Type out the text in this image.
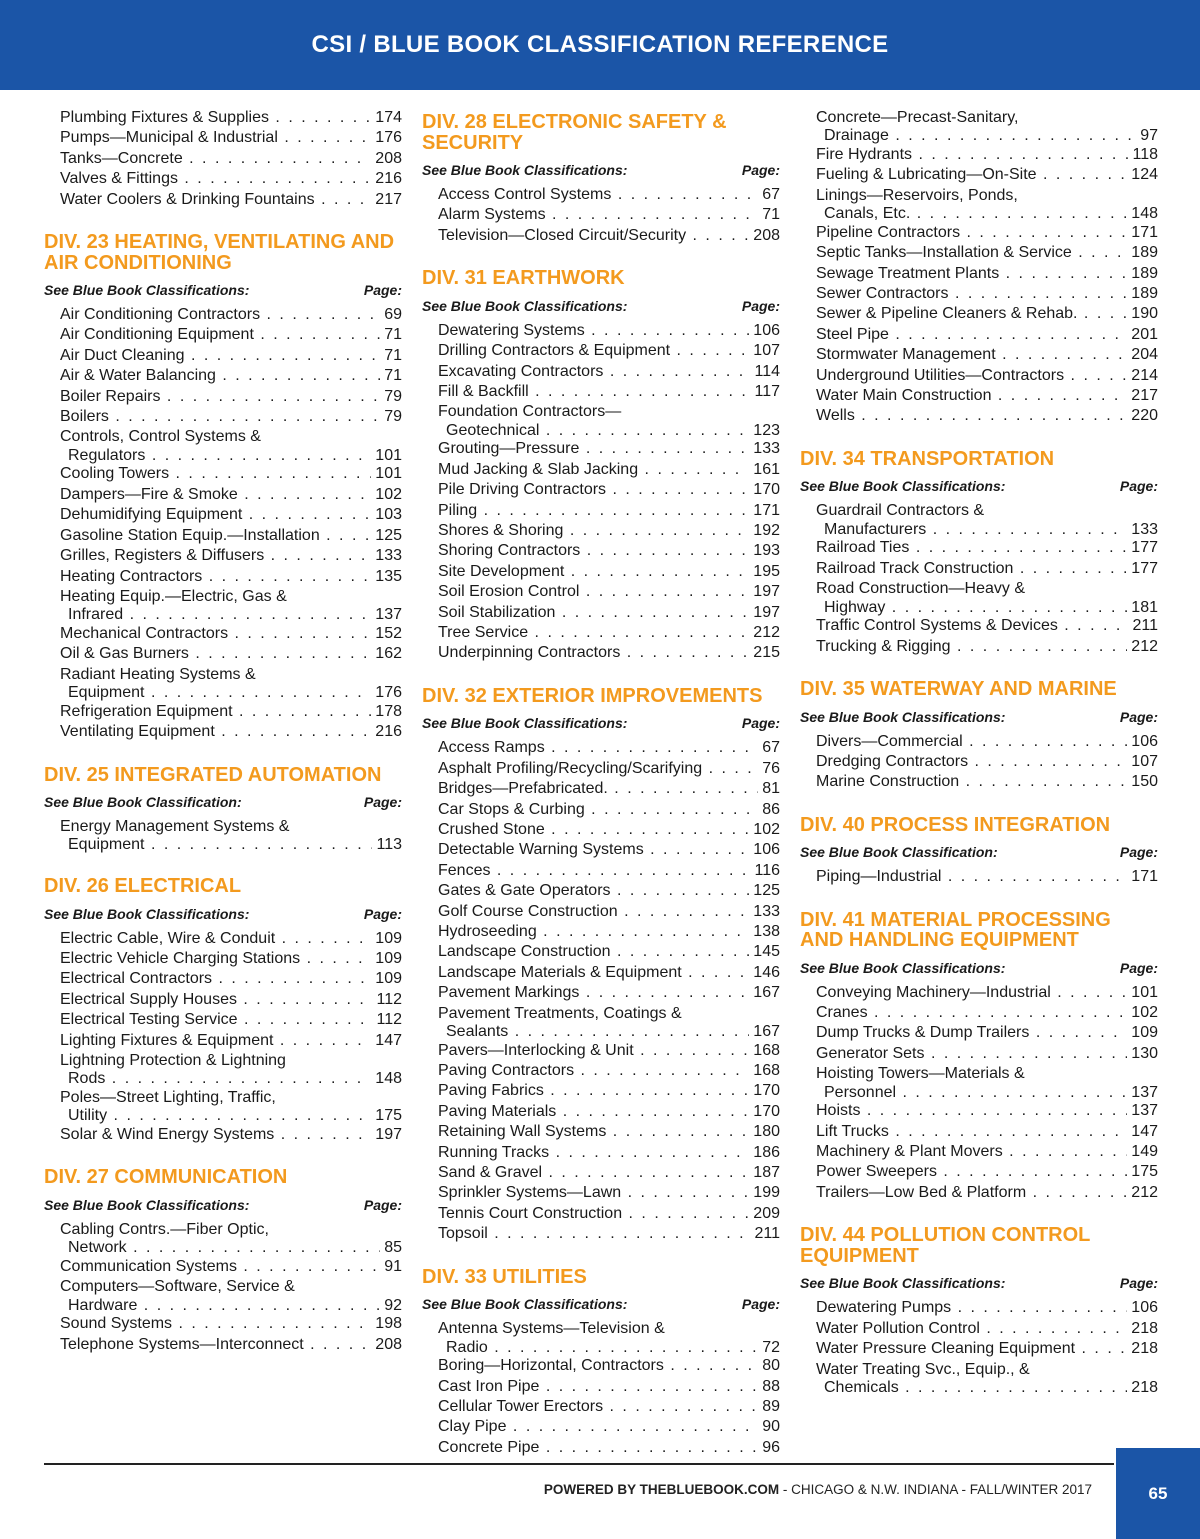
CSI / BLUE BOOK CLASSIFICATION REFERENCE
Plumbing Fixtures & Supplies . . .	174
Pumps—Municipal & Industrial . . .	176
Tanks—Concrete . . .	208
Valves & Fittings . . .	216
Water Coolers & Drinking Fountains . . .	217
DIV. 23 HEATING, VENTILATING AND AIR CONDITIONING
See Blue Book Classifications:	Page:
Air Conditioning Contractors . . .	69
Air Conditioning Equipment . . .	71
Air Duct Cleaning . . .	71
Air & Water Balancing . . .	71
Boiler Repairs . . .	79
Boilers . . .	79
Controls, Control Systems &
Regulators . . .	101
Cooling Towers . . .	101
Dampers—Fire & Smoke . . .	102
Dehumidifying Equipment . . .	103
Gasoline Station Equip.—Installation . . .	125
Grilles, Registers & Diffusers . . .	133
Heating Contractors . . .	135
Heating Equip.—Electric, Gas &
Infrared . . .	137
Mechanical Contractors . . .	152
Oil & Gas Burners . . .	162
Radiant Heating Systems &
Equipment . . .	176
Refrigeration Equipment . . .	178
Ventilating Equipment . . .	216
DIV. 25 INTEGRATED AUTOMATION
See Blue Book Classification:	Page:
Energy Management Systems &
Equipment . . .	113
DIV. 26 ELECTRICAL
See Blue Book Classifications:	Page:
Electric Cable, Wire & Conduit . . .	109
Electric Vehicle Charging Stations . . .	109
Electrical Contractors . . .	109
Electrical Supply Houses . . .	112
Electrical Testing Service . . .	112
Lighting Fixtures & Equipment . . .	147
Lightning Protection & Lightning
Rods . . .	148
Poles—Street Lighting, Traffic,
Utility . . .	175
Solar & Wind Energy Systems . . .	197
DIV. 27 COMMUNICATION
See Blue Book Classifications:	Page:
Cabling Contrs.—Fiber Optic,
Network . . .	85
Communication Systems . . .	91
Computers—Software, Service &
Hardware . . .	92
Sound Systems . . .	198
Telephone Systems—Interconnect . . .	208
DIV. 28 ELECTRONIC SAFETY & SECURITY
See Blue Book Classifications:	Page:
Access Control Systems . . .	67
Alarm Systems . . .	71
Television—Closed Circuit/Security . . .	208
DIV. 31 EARTHWORK
See Blue Book Classifications:	Page:
Dewatering Systems . . .	106
Drilling Contractors & Equipment . . .	107
Excavating Contractors . . .	114
Fill & Backfill . . .	117
Foundation Contractors—
Geotechnical . . .	123
Grouting—Pressure . . .	133
Mud Jacking & Slab Jacking . . .	161
Pile Driving Contractors . . .	170
Piling . . .	171
Shores & Shoring . . .	192
Shoring Contractors . . .	193
Site Development . . .	195
Soil Erosion Control . . .	197
Soil Stabilization . . .	197
Tree Service . . .	212
Underpinning Contractors . . .	215
DIV. 32 EXTERIOR IMPROVEMENTS
See Blue Book Classifications:	Page:
Access Ramps . . .	67
Asphalt Profiling/Recycling/Scarifying . . .	76
Bridges—Prefabricated. . . .	81
Car Stops & Curbing . . .	86
Crushed Stone . . .	102
Detectable Warning Systems . . .	106
Fences . . .	116
Gates & Gate Operators . . .	125
Golf Course Construction . . .	133
Hydroseeding . . .	138
Landscape Construction . . .	145
Landscape Materials & Equipment . . .	146
Pavement Markings . . .	167
Pavement Treatments, Coatings &
Sealants . . .	167
Pavers—Interlocking & Unit . . .	168
Paving Contractors . . .	168
Paving Fabrics . . .	170
Paving Materials . . .	170
Retaining Wall Systems . . .	180
Running Tracks . . .	186
Sand & Gravel . . .	187
Sprinkler Systems—Lawn . . .	199
Tennis Court Construction . . .	209
Topsoil . . .	211
DIV. 33 UTILITIES
See Blue Book Classifications:	Page:
Antenna Systems—Television &
Radio . . .	72
Boring—Horizontal, Contractors . . .	80
Cast Iron Pipe . . .	88
Cellular Tower Erectors . . .	89
Clay Pipe . . .	90
Concrete Pipe . . .	96
Concrete—Precast-Sanitary,
Drainage . . .	97
Fire Hydrants . . .	118
Fueling & Lubricating—On-Site . . .	124
Linings—Reservoirs, Ponds,
Canals, Etc. . . .	148
Pipeline Contractors . . .	171
Septic Tanks—Installation & Service . . .	189
Sewage Treatment Plants . . .	189
Sewer Contractors . . .	189
Sewer & Pipeline Cleaners & Rehab. . . .	190
Steel Pipe . . .	201
Stormwater Management . . .	204
Underground Utilities—Contractors . . .	214
Water Main Construction . . .	217
Wells . . .	220
DIV. 34 TRANSPORTATION
See Blue Book Classifications:	Page:
Guardrail Contractors &
Manufacturers . . .	133
Railroad Ties . . .	177
Railroad Track Construction . . .	177
Road Construction—Heavy &
Highway . . .	181
Traffic Control Systems & Devices . . .	211
Trucking & Rigging . . .	212
DIV. 35 WATERWAY AND MARINE
See Blue Book Classifications:	Page:
Divers—Commercial . . .	106
Dredging Contractors . . .	107
Marine Construction . . .	150
DIV. 40 PROCESS INTEGRATION
See Blue Book Classification:	Page:
Piping—Industrial . . .	171
DIV. 41 MATERIAL PROCESSING AND HANDLING EQUIPMENT
See Blue Book Classifications:	Page:
Conveying Machinery—Industrial . . .	101
Cranes . . .	102
Dump Trucks & Dump Trailers . . .	109
Generator Sets . . .	130
Hoisting Towers—Materials &
Personnel . . .	137
Hoists . . .	137
Lift Trucks . . .	147
Machinery & Plant Movers . . .	149
Power Sweepers . . .	175
Trailers—Low Bed & Platform . . .	212
DIV. 44 POLLUTION CONTROL EQUIPMENT
See Blue Book Classifications:	Page:
Dewatering Pumps . . .	106
Water Pollution Control . . .	218
Water Pressure Cleaning Equipment . . .	218
Water Treating Svc., Equip., &
Chemicals . . .	218
POWERED BY THEBLUEBOOK.COM - CHICAGO & N.W. INDIANA - FALL/WINTER 2017	65
